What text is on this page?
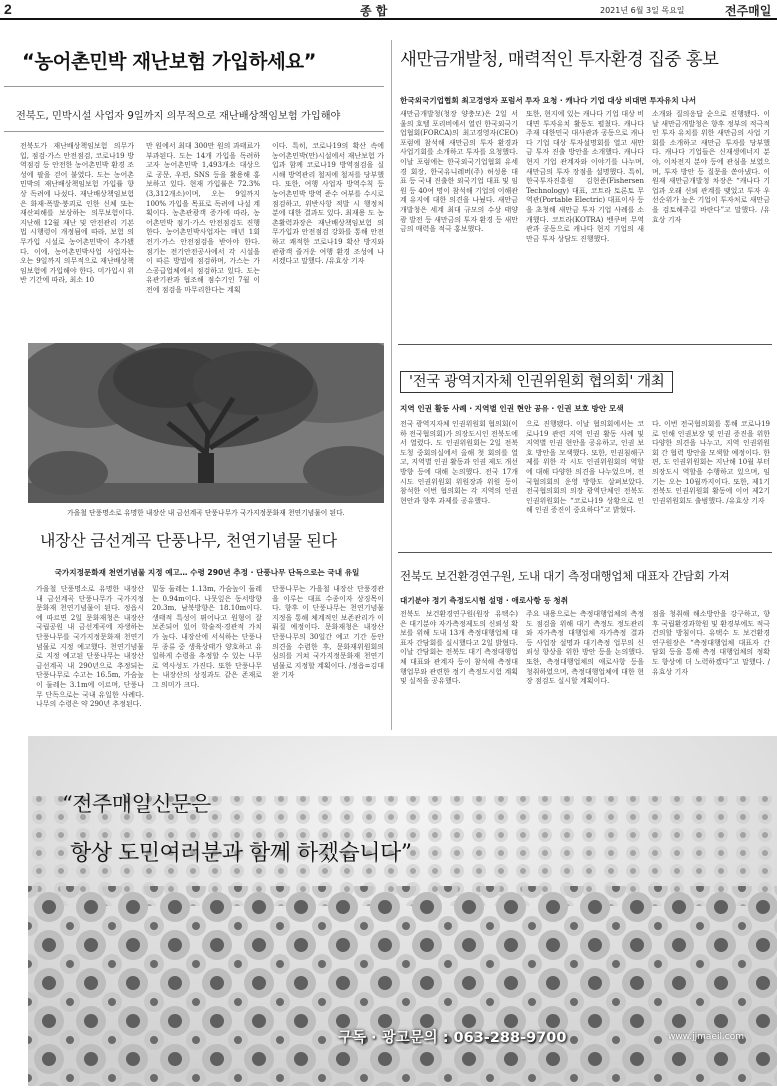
2	종 합	2021년 6월 3일 목요일	전주매일
“농어촌민박 재난보험 가입하세요”
전북도, 민박시설 사업자 9일까지 의무적으로 재난배상책임보험 가입해야
전북도가 재난배상책임보험 의무가입, 점검·가스 안전점검, 코로나19 방역점검 등 안전한 농어촌민박 환경 조성에 팔을 걷어 붙였다. 도는 농어촌민박의 재난배상책임보험 가입률 향상 독려에 나섰다. 재난배상책임보험은 화재·폭발·붕괴로 인한 신체 또는 재산피해를 보상하는 의무보험이다. 지난해 12월 재난 및 안전관리 기본법 시행령이 개정됨에 따라, 보험 의무가입 시설로 농어촌민박이 추가됐다. 이에, 농어촌민박사업 사업자는 오는 9일까지 의무적으로 재난배상책임보험에 가입해야 한다. 미가입시 위반 기간에 따라, 최소 10
만 원에서 최대 300만 원의 과태료가 부과된다. 도는 14개 가입을 독려하고자 농어촌민박 1,493개소 대상으로 공문, 우편, SNS 등을 활용해 홍보하고 있다. 현재 가입률은 72.3%(3,312개소)이며, 오는 9일까지 100% 가입을 목표로 독려에 나설 계획이다. 농촌관광객 증가에 따라, 농어촌민박 점기·가스 안전점검도 진행한다. 농어촌민박사업자는 매년 1회 전기·가스 안전점검을 받아야 한다. 점기는 전기안전공사에서 각 시설을 이 따른 방법에 점검하며, 가스는 가스공급업체에서 점검하고 있다. 도는 유관기관과 협조해 점수기인 7월 이전에 점검을 마무리한다는 계획
이다. 특히, 코로나19의 확산 속에 농어촌민박(만)시설에서 재난보험 가입과 함께 코로나19 방역점검을 실시해 방역관리 철저에 철저를 당부했다. 또한, 여행 사업자 방역수칙 등 농어촌민박 방역 준수 여부를 수시로 점검하고, 위반사항 적발 시 행정처분에 대한 결과도 있다. 최재용 도 농촌활력과장은 재난배상책임보험 의무가입과 안전점검 강화를 통해 안전하고 쾌적한 코로나19 확산 방지와 관광객 즐거운 여행 환경 조성에 나서겠다고 말했다. /유효상 기자
가을철 단풍명소로 유명한 내장산 내 금선계곡 단풍나무가 국가지정문화재 천연기념물이 된다.
내장산 금선계곡 단풍나무, 천연기념물 된다
국가지정문화재 천연기념물 지정 예고… 수령 290년 추정 · 단풍나무 단독으로는 국내 유일
가을철 단풍명소로 유명한 내장산 내 금선계곡 단풍나무가 국가지정문화재 천연기념물이 된다. 정읍시에 따르면 2일 문화재청은 내장산국립공원 내 금선계곡에 자생하는 단풍나무를 국가지정문화재 천연기념물로 지정 예고했다. 천연기념물로 지정 예고된 단풍나무는 내장산 금선계곡 내 290년으로 추정되는 단풍나무로 수고는 16.5m, 가슴높이 둘레는 3.1m에 이르며, 단풍나무 단독으로는 국내 유일한 사례다. 나무의 수령은 약 290년 추정된다.
밑둥 둘레는 1.13m, 가슴높이 둘레는 0.94m이다. 나뭇잎은 동서방향 20.3m, 남북방향은 18.10m이다. 생태적 특성이 뛰어나고 원형이 잘 보존되어 있어 학술적·경관적 가치가 높다. 내장산에 서식하는 단풍나무 종류 중 생육상태가 양호하고 유일하게 수령을 추정할 수 있는 나무로 역사성도 가진다. 또한 단풍나무는 내장산의 상징과도 같은 존재로 그 의미가 크다.
단풍나무는 가을철 내장산 단풍경관을 이루는 대표 수종이자 상징목이다. 향후 이 단풍나무는 천연기념물 지정을 통해 체계적인 보존관리가 이뤄질 예정이다. 문화재청은 내장산 단풍나무의 30일간 예고 기간 동안 의견을 수렴한 후, 문화재위원회의 심의를 거쳐 국가지정문화재 천연기념물로 지정할 계획이다. /정읍=김대완 기자
새만금개발청, 매력적인 투자환경 집중 홍보
한국외국기업협회 최고경영자 포럼서 투자 요청 · 캐나다 기업 대상 비대면 투자유치 나서
새만금개발청(청장 양충모)은 2일 서울의 호텔 포리비에서 열린 한국외국기업협회(FORCA)의 최고경영자(CEO) 포럼에 참석해 새만금의 투자 환경과 사업기회를 소개하고 투자를 요청했다. 이날 포럼에는 한국외국기업협회 유세경 회장, 한국유니레버(주) 허성용 대표 등 국내 진출한 외국기업 대표 및 임원 등 40여 명이 참석해 기업의 이해관계 유지에 대한 의견을 나눴다. 새만금개발청은 세계 최대 규모의 수상 태양광 발전 등 새만금의 투자 환경 등 새만금의 매력을 적극 홍보했다.
또한, 현지에 있는 캐나다 기업 대상 비대면 투자유치 활동도 펼쳤다. 캐나다 주재 대한민국 대사관과 공동으로 캐나다 기업 대상 투자설명회를 열고 새만금 투자 진출 방안을 소개했다. 캐나다 현지 기업 관계자와 이야기를 나누며, 새만금의 투자 장점을 설명했다. 특히, 한국투자진흥원 김현준(Fishersen Technology) 대표, 코트라 토론토 무역관(Portable Electric) 대표이사 등을 초청해 새만금 투자 기업 사례를 소개했다. 코트라(KOTRA) 벤쿠버 무역관과 공동으로 캐나다 현지 기업의 새만금 투자 상담도 진행했다.
소개와 질의응답 순으로 진행됐다. 이날 새만금개발청은 향후 정부의 적극적인 투자 유치를 위한 새만금의 사업 기회를 소개하고 새만금 투자를 당부했다. 캐나다 기업들은 신재생에너지 분야, 이차전지 분야 등에 관심을 보였으며, 투자 방안 등 질문을 쏟아냈다. 이원재 새만금개발청 차장은 “캐나다 기업과 오래 신뢰 관계를 맺었고 투자 우선순위가 높은 기업이 투자처로 새만금을 검토해주길 바란다”고 말했다. /유효상 기자
'전국 광역지자체 인권위원회 협의회' 개최
지역 인권 활동 사례 · 지역별 인권 현안 공유 · 인권 보호 방안 모색
전국 광역지자체 인권위원회 협의회(이하 전국협의회)가 의장도시인 전북도에서 열렸다. 도 인권위원회는 2일 전북도청 중회의실에서 올해 첫 회의를 열고, 지역별 인권 활동과 인권 제도 개선 방향 등에 대해 논의했다. 전국 17개 시도 인권위원회 위원장과 위원 등이 참석한 이번 협의회는 각 지역의 인권 현안과 향후 과제를 공유했다.
으로 진행됐다. 이날 협의회에서는 코로나19 관련 지역 인권 활동 사례 및 지역별 인권 현안을 공유하고, 인권 보호 방안을 모색했다. 또한, 인권침해구제를 위한 각 시도 인권위원회의 역할에 대해 다양한 의견을 나누었으며, 전국협의회의 운영 방향도 살펴보았다. 전국협의회의 의장 광역단체인 전북도 인권위원회는 “코로나19 상황으로 인해 인권 증진이 중요하다”고 밝혔다.
다. 이번 전국협의회를 통해 코로나19로 인해 인권보장 및 인권 증진을 위한 다양한 의견을 나누고, 지역 인권위원회 간 협력 방안을 모색할 예정이다. 한편, 도 인권위원회는 지난해 10월 부터 의장도시 역할을 수행하고 있으며, 임기는 오는 10월까지이다. 또한, 제1기 전북도 인권위원회 활동에 이어 제2기 인권위원회도 출범했다. /유효상 기자
전북도 보건환경연구원, 도내 대기 측정대행업체 대표자 간담회 가져
대기분야 정기 측정도시험 설명 · 애로사항 등 청취
전북도 보건환경연구원(원장 유택수)은 대기분야 자가측정제도의 신뢰성 확보를 위해 도내 13개 측정대행업체 대표자 간담회를 실시했다고 2일 밝혔다. 이날 간담회는 전북도 대기 측정대행업체 대표와 관계자 등이 참석해 측정대행업무와 관련한 정기 측정도시험 계획 및 실적을 공유했다.
주요 내용으로는 측정대행업체의 측정도 점검을 위해 대기 측정도 정도관리와 자가측정 대행업체 자가측정 결과 등 사업장 설명과 대기측정 업무의 신뢰성 향상을 위한 방안 등을 논의했다. 또한, 측정대행업체의 애로사항 등을 청취하였으며, 측정대행업체에 대한 현장 점검도 실시할 계획이다.
점을 청취해 해소방안을 강구하고, 향후 국립환경과학원 및 환경부에도 적극 건의할 방침이다. 유택수 도 보건환경연구원장은 “측정대행업체 대표자 간담회 등을 통해 측정 대행업체의 정확도 향상에 더 노력하겠다”고 말했다. /유효상 기자
“전주매일신문은
항상 도민여러분과 함께 하겠습니다”
구독 · 광고문의 : 063-288-9700	www.jjmaeil.com
